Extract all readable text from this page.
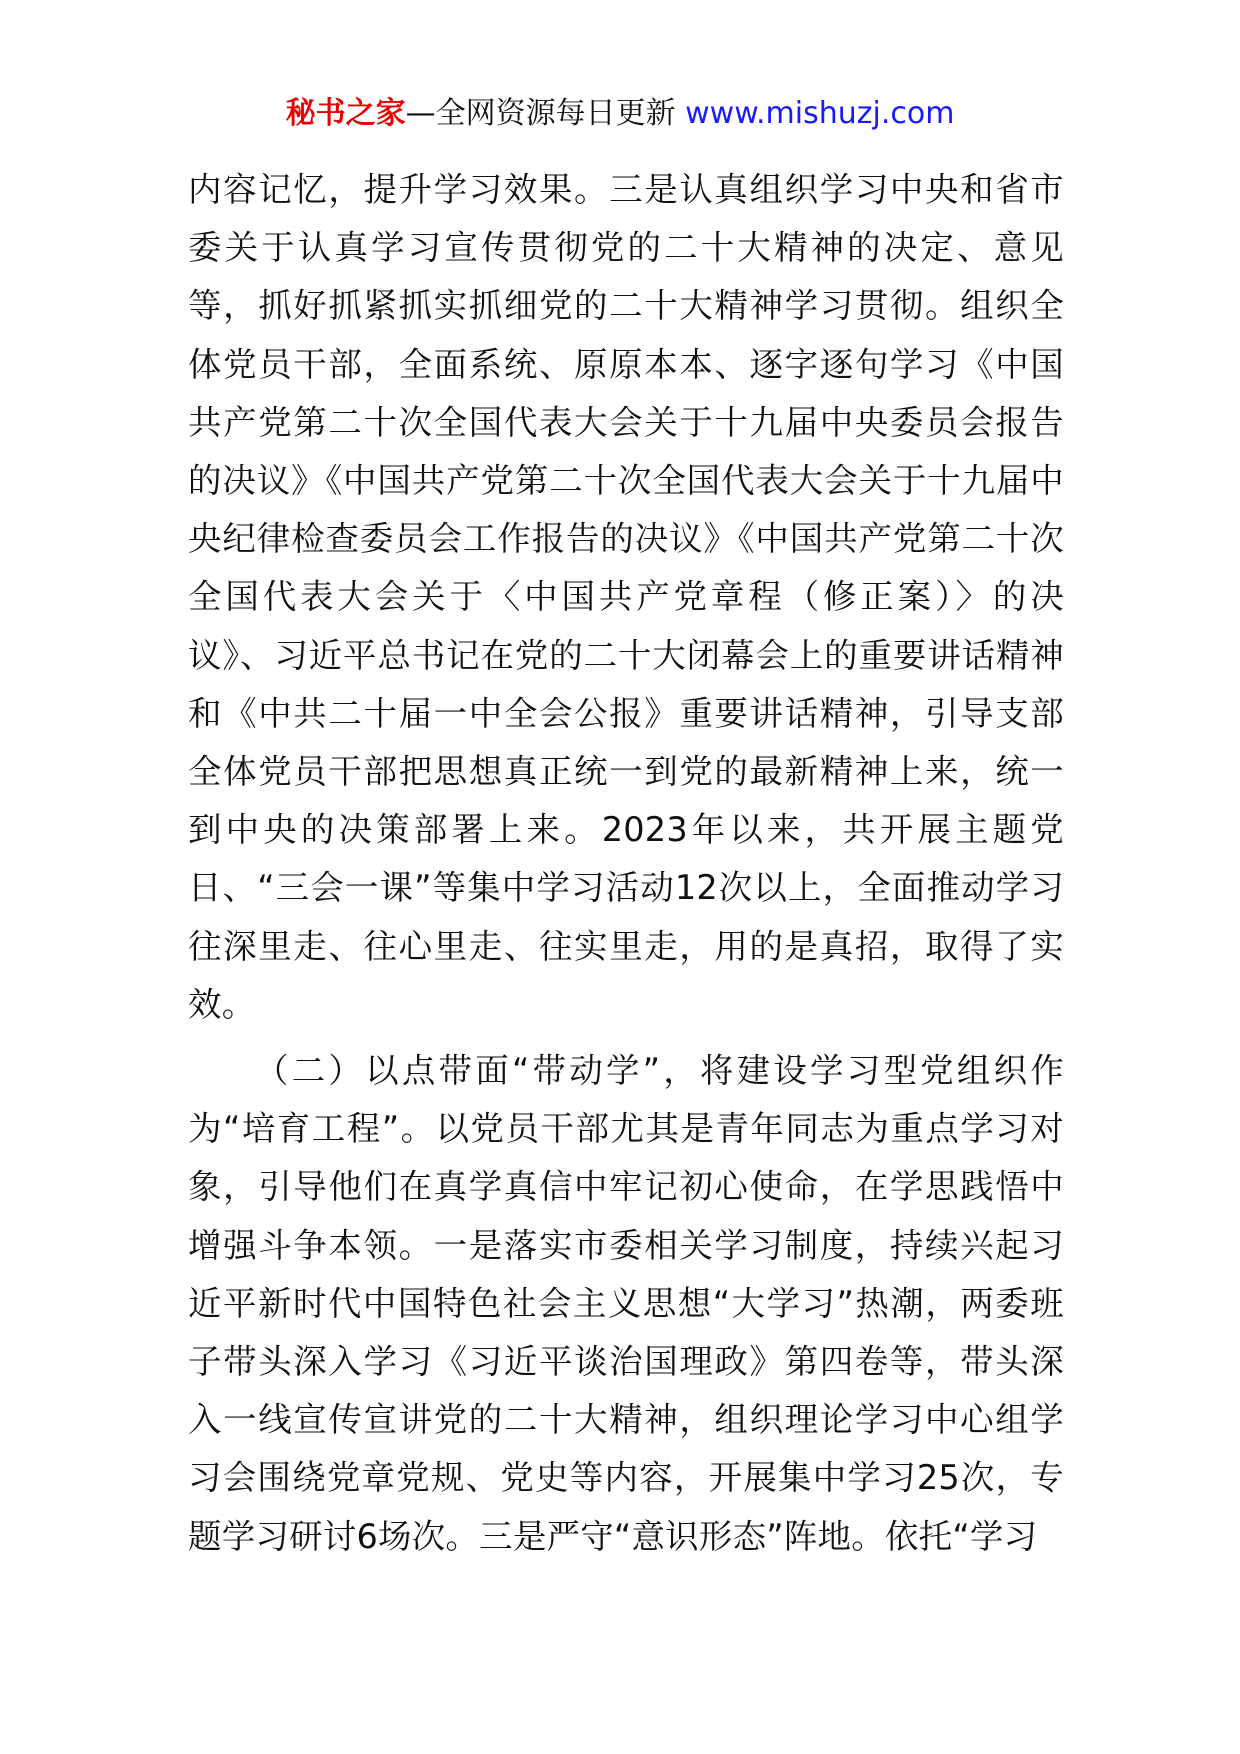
秘书之家—全网资源每日更新 www.mishuzj.com

内容记忆，提升学习效果。三是认真组织学习中央和省市委关于认真学习宣传贯彻党的二十大精神的决定、意见等，抓好抓紧抓实抓细党的二十大精神学习贯彻。组织全体党员干部，全面系统、原原本本、逐字逐句学习《中国共产党第二十次全国代表大会关于十九届中央委员会报告的决议》《中国共产党第二十次全国代表大会关于十九届中央纪律检查委员会工作报告的决议》《中国共产党第二十次全国代表大会关于〈中国共产党章程（修正案）〉的决议》、习近平总书记在党的二十大闭幕会上的重要讲话精神和《中共二十届一中全会公报》重要讲话精神，引导支部全体党员干部把思想真正统一到党的最新精神上来，统一到中央的决策部署上来。2023年以来，共开展主题党日、“三会一课”等集中学习活动12次以上，全面推动学习往深里走、往心里走、往实里走，用的是真招，取得了实效。

（二）以点带面“带动学”，将建设学习型党组织作为“培育工程”。以党员干部尤其是青年同志为重点学习对象，引导他们在真学真信中牢记初心使命，在学思践悟中增强斗争本领。一是落实市委相关学习制度，持续兴起习近平新时代中国特色社会主义思想“大学习”热潮，两委班子带头深入学习《习近平谈治国理政》第四卷等，带头深入一线宣传宣讲党的二十大精神，组织理论学习中心组学习会围绕党章党规、党史等内容，开展集中学习25次，专题学习研讨6场次。三是严守“意识形态”阵地。依托“学习
